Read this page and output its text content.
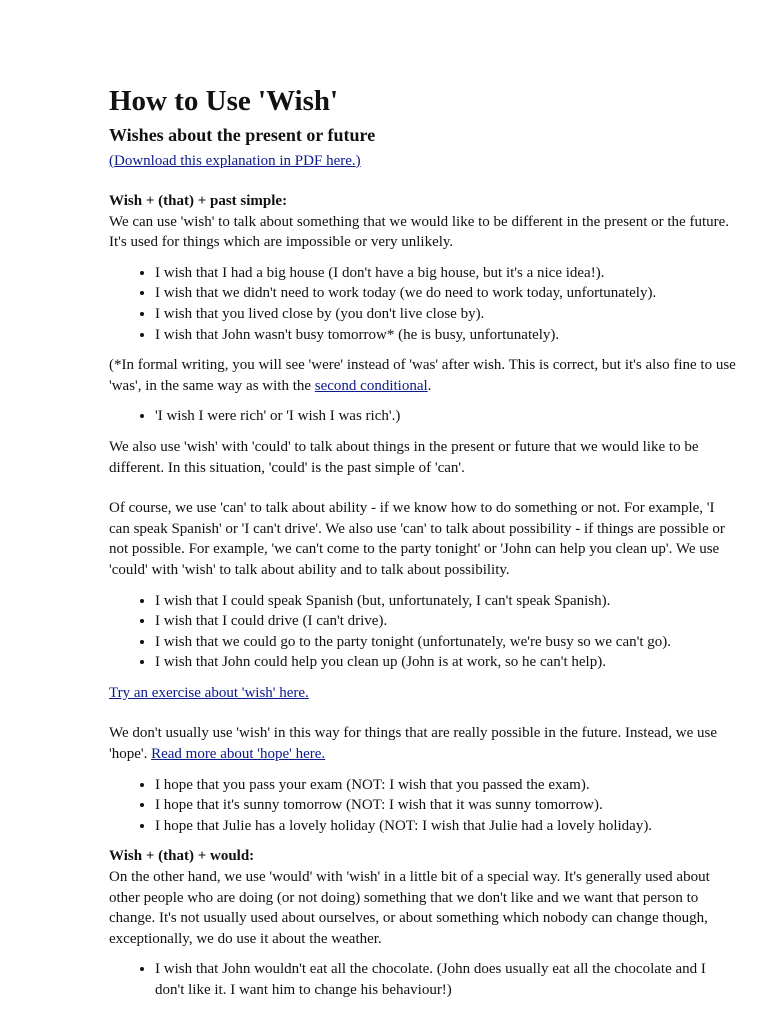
How to Use 'Wish'
Wishes about the present or future
(Download this explanation in PDF here.)

Wish + (that) + past simple:

We can use 'wish' to talk about something that we would like to be different in the present or the future. It's used for things which are impossible or very unlikely.

• I wish that I had a big house (I don't have a big house, but it's a nice idea!).
• I wish that we didn't need to work today (we do need to work today, unfortunately).
• I wish that you lived close by (you don't live close by).
• I wish that John wasn't busy tomorrow* (he is busy, unfortunately).

(*In formal writing, you will see 'were' instead of 'was' after wish. This is correct, but it's also fine to use 'was', in the same way as with the second conditional.

• 'I wish I were rich' or 'I wish I was rich'.)

We also use 'wish' with 'could' to talk about things in the present or future that we would like to be different. In this situation, 'could' is the past simple of 'can'.

Of course, we use 'can' to talk about ability - if we know how to do something or not. For example, 'I can speak Spanish' or 'I can't drive'. We also use 'can' to talk about possibility - if things are possible or not possible. For example, 'we can't come to the party tonight' or 'John can help you clean up'. We use 'could' with 'wish' to talk about ability and to talk about possibility.

• I wish that I could speak Spanish (but, unfortunately, I can't speak Spanish).
• I wish that I could drive (I can't drive).
• I wish that we could go to the party tonight (unfortunately, we're busy so we can't go).
• I wish that John could help you clean up (John is at work, so he can't help).

Try an exercise about 'wish' here.

We don't usually use 'wish' in this way for things that are really possible in the future. Instead, we use 'hope'. Read more about 'hope' here.

• I hope that you pass your exam (NOT: I wish that you passed the exam).
• I hope that it's sunny tomorrow (NOT: I wish that it was sunny tomorrow).
• I hope that Julie has a lovely holiday (NOT: I wish that Julie had a lovely holiday).

Wish + (that) + would:

On the other hand, we use 'would' with 'wish' in a little bit of a special way. It's generally used about other people who are doing (or not doing) something that we don't like and we want that person to change. It's not usually used about ourselves, or about something which nobody can change though, exceptionally, we do use it about the weather.

• I wish that John wouldn't eat all the chocolate. (John does usually eat all the chocolate and I don't like it. I want him to change his behaviour!)
